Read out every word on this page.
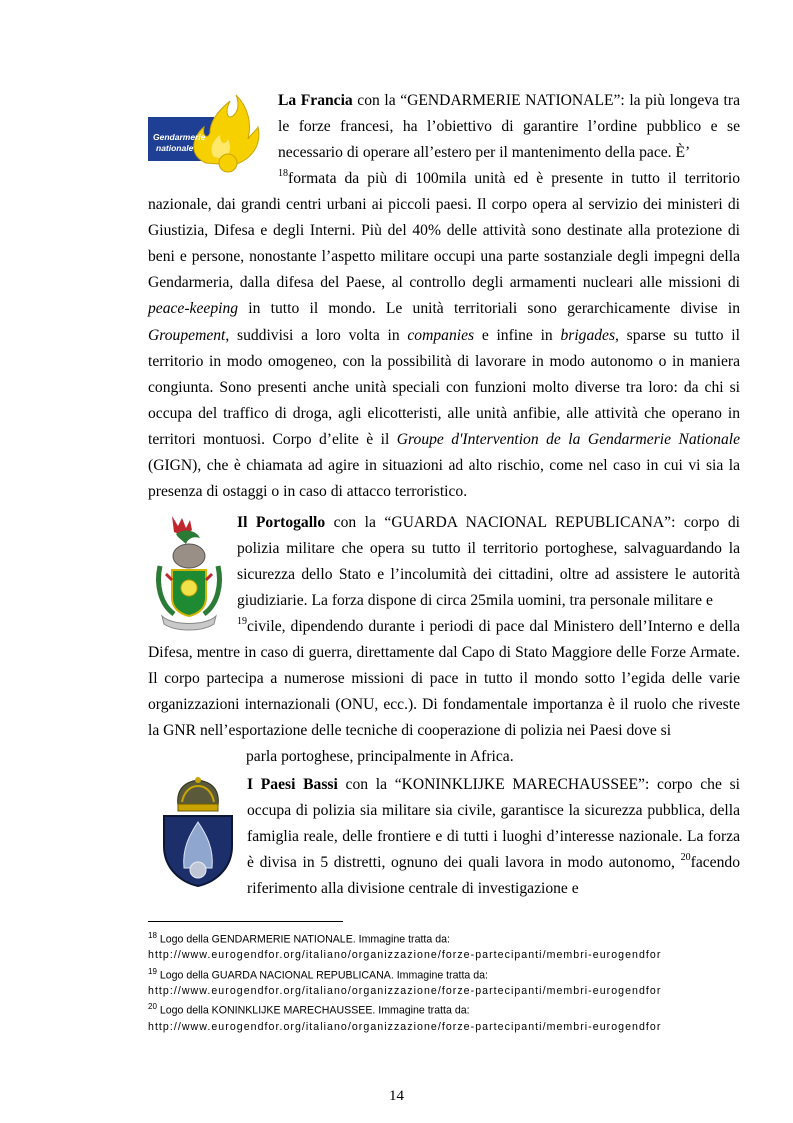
Gendarmerie
nationale
La Francia con la “GENDARMERIE NATIONALE”: la più longeva tra le forze francesi, ha l’obiettivo di garantire l’ordine pubblico e se necessario di operare all’estero per il mantenimento della pace. È’
$^{18}$formata da più di 100mila unità ed è presente in tutto il territorio nazionale, dai grandi centri urbani ai piccoli paesi. Il corpo opera al servizio dei ministeri di Giustizia, Difesa e degli Interni. Più del 40% delle attività sono destinate alla protezione di beni e persone, nonostante l’aspetto militare occupi una parte sostanziale degli impegni della Gendarmeria, dalla difesa del Paese, al controllo degli armamenti nucleari alle missioni di peace-keeping in tutto il mondo. Le unità territoriali sono gerarchicamente divise in Groupement, suddivisi a loro volta in companies e infine in brigades, sparse su tutto il territorio in modo omogeneo, con la possibilità di lavorare in modo autonomo o in maniera congiunta. Sono presenti anche unità speciali con funzioni molto diverse tra loro: da chi si occupa del traffico di droga, agli elicotteristi, alle unità anfibie, alle attività che operano in territori montuosi. Corpo d’elite è il Groupe d'Intervention de la Gendarmerie Nationale (GIGN), che è chiamata ad agire in situazioni ad alto rischio, come nel caso in cui vi sia la presenza di ostaggi o in caso di attacco terroristico.
Il Portogallo con la “GUARDA NACIONAL REPUBLICANA”: corpo di polizia militare che opera su tutto il territorio portoghese, salvaguardando la sicurezza dello Stato e l’incolumità dei cittadini, oltre ad assistere le autorità giudiziarie. La forza dispone di circa 25mila uomini, tra personale militare e
$^{19}$civile, dipendendo durante i periodi di pace dal Ministero dell’Interno e della Difesa, mentre in caso di guerra, direttamente dal Capo di Stato Maggiore delle Forze Armate. Il corpo partecipa a numerose missioni di pace in tutto il mondo sotto l’egida delle varie organizzazioni internazionali (ONU, ecc.). Di fondamentale importanza è il ruolo che riveste la GNR nell’esportazione delle tecniche di cooperazione di polizia nei Paesi dove si
parla portoghese, principalmente in Africa.
I Paesi Bassi con la “KONINKLIJKE MARECHAUSSEE”: corpo che si occupa di polizia sia militare sia civile, garantisce la sicurezza pubblica, della famiglia reale, delle frontiere e di tutti i luoghi d’interesse nazionale. La forza è divisa in 5 distretti, ognuno dei quali lavora in modo autonomo, $^{20}$facendo riferimento alla divisione centrale di investigazione e
$^{18}$ Logo della GENDARMERIE NATIONALE. Immagine tratta da:
http://www.eurogendfor.org/italiano/organizzazione/forze-partecipanti/membri-eurogendfor
$^{19}$ Logo della GUARDA NACIONAL REPUBLICANA. Immagine tratta da:
http://www.eurogendfor.org/italiano/organizzazione/forze-partecipanti/membri-eurogendfor
$^{20}$ Logo della KONINKLIJKE MARECHAUSSEE. Immagine tratta da:
http://www.eurogendfor.org/italiano/organizzazione/forze-partecipanti/membri-eurogendfor
14
